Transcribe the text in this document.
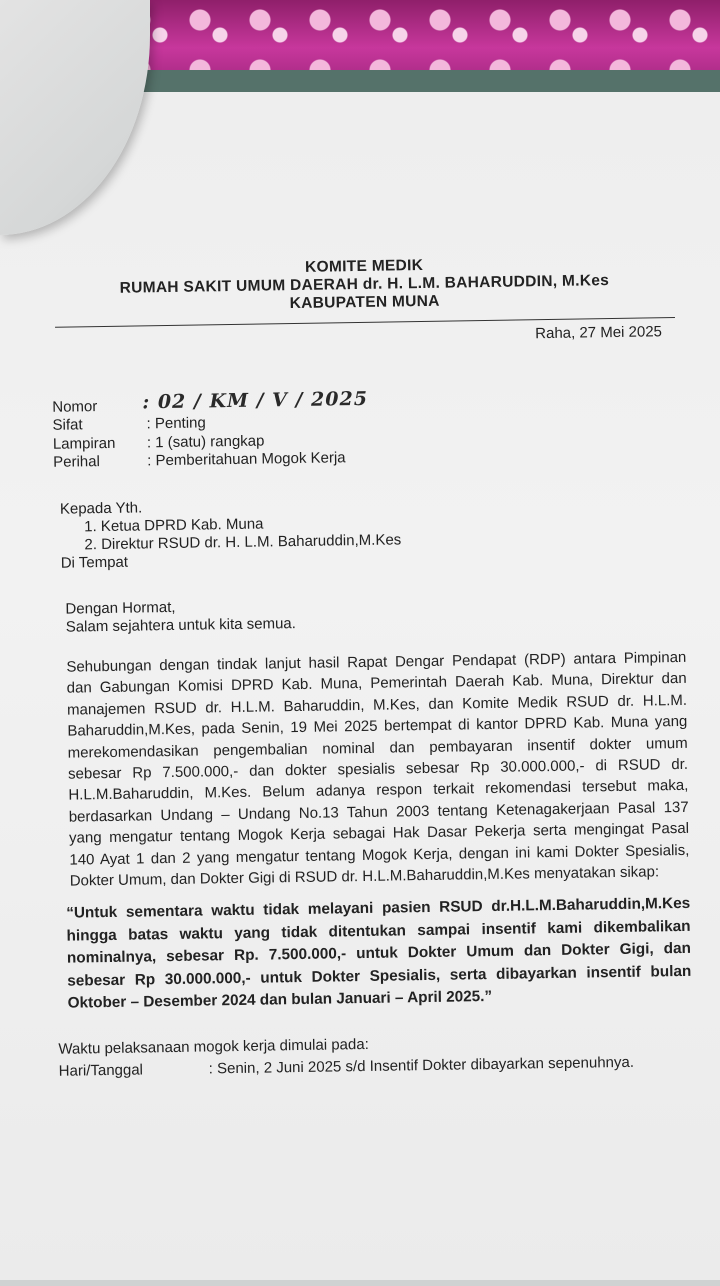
KOMITE MEDIK
RUMAH SAKIT UMUM DAERAH dr. H. L.M. BAHARUDDIN, M.Kes
KABUPATEN MUNA
Raha, 27 Mei 2025
Nomor : 02 / KM / V / 2025
Sifat	: Penting
Lampiran : 1 (satu) rangkap
Perihal	: Pemberitahuan Mogok Kerja
Kepada Yth.
1. Ketua DPRD Kab. Muna
2. Direktur RSUD dr. H. L.M. Baharuddin,M.Kes
Di Tempat
Dengan Hormat,
Salam sejahtera untuk kita semua.
Sehubungan dengan tindak lanjut hasil Rapat Dengar Pendapat (RDP) antara Pimpinan
dan Gabungan Komisi DPRD Kab. Muna, Pemerintah Daerah Kab. Muna, Direktur dan
manajemen RSUD dr. H.L.M. Baharuddin, M.Kes, dan Komite Medik RSUD dr. H.L.M.
Baharuddin,M.Kes, pada Senin, 19 Mei 2025 bertempat di kantor DPRD Kab. Muna yang
merekomendasikan pengembalian nominal dan pembayaran insentif dokter umum
sebesar Rp 7.500.000,- dan dokter spesialis sebesar Rp 30.000.000,- di RSUD dr.
H.L.M.Baharuddin, M.Kes. Belum adanya respon terkait rekomendasi tersebut maka,
berdasarkan Undang – Undang No.13 Tahun 2003 tentang Ketenagakerjaan Pasal 137
yang mengatur tentang Mogok Kerja sebagai Hak Dasar Pekerja serta mengingat Pasal
140 Ayat 1 dan 2 yang mengatur tentang Mogok Kerja, dengan ini kami Dokter Spesialis,
Dokter Umum, dan Dokter Gigi di RSUD dr. H.L.M.Baharuddin,M.Kes menyatakan sikap:
“Untuk sementara waktu tidak melayani pasien RSUD dr.H.L.M.Baharuddin,M.Kes
hingga batas waktu yang tidak ditentukan sampai insentif kami dikembalikan
nominalnya, sebesar Rp. 7.500.000,- untuk Dokter Umum dan Dokter Gigi, dan
sebesar Rp 30.000.000,- untuk Dokter Spesialis, serta dibayarkan insentif bulan
Oktober – Desember 2024 dan bulan Januari – April 2025.”
Waktu pelaksanaan mogok kerja dimulai pada:
Hari/Tanggal	: Senin, 2 Juni 2025 s/d Insentif Dokter dibayarkan sepenuhnya.
